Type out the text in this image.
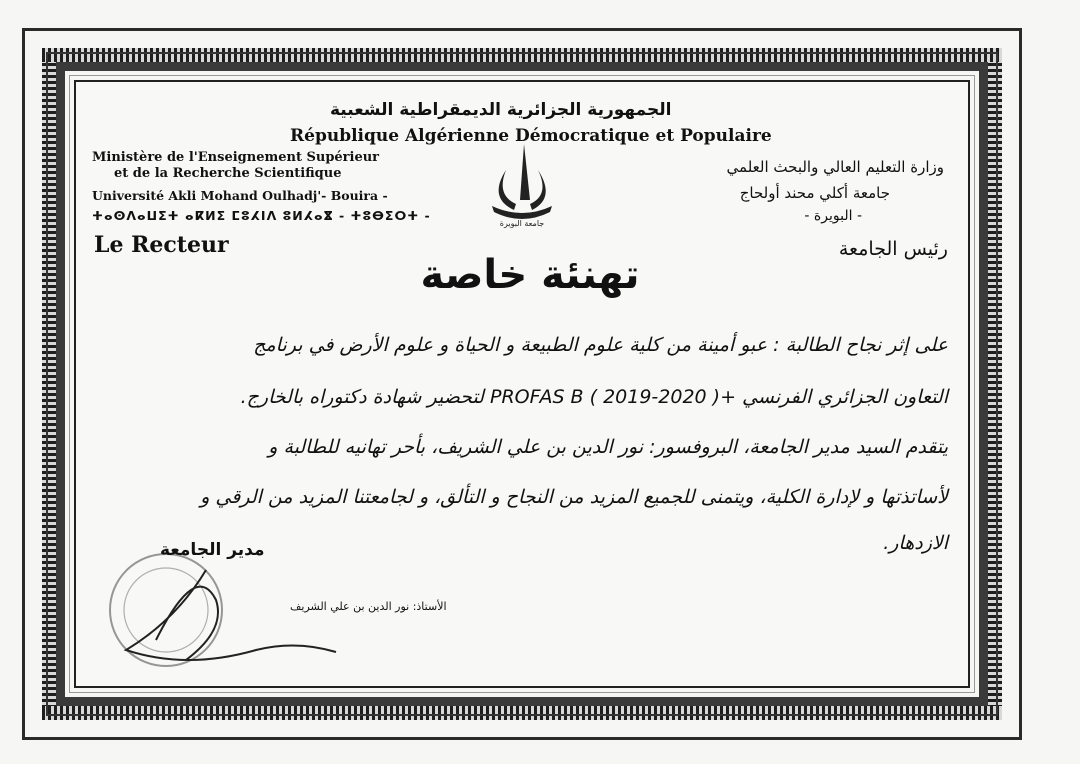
الجمهورية الجزائرية الديمقراطية الشعبية
République Algérienne Démocratique et Populaire
Ministère de l'Enseignement Supérieur
et de la Recherche Scientifique
Université Akli Mohand Oulhadj'- Bouira -
ⵜⴰⵙⴷⴰⵡⵉⵜ ⴰⴽⵍⵉ ⵎⵓⵃⵏⴷ ⵓⵍⵃⴰⴵ - ⵜⵓⴱⵉⵔⵜ -
Le Recteur
وزارة التعليم العالي والبحث العلمي
جامعة أكلي محند أولحاج
- البويرة -
رئيس الجامعة
جامعة البويرة
تهنئة خاصة
على إثر نجاح الطالبة : عبو أمينة من كلية علوم الطبيعة و الحياة و علوم الأرض في برنامج
التعاون الجزائري الفرنسي +PROFAS B ( 2019-2020 ) لتحضير شهادة دكتوراه بالخارج.
يتقدم السيد مدير الجامعة، البروفسور: نور الدين بن علي الشريف، بأحر تهانيه للطالبة و
لأساتذتها و لإدارة الكلية، ويتمنى للجميع المزيد من النجاح و التألق، و لجامعتنا المزيد من الرقي و
الازدهار.
مدير الجامعة
الأستاذ: نور الدين بن علي الشريف
